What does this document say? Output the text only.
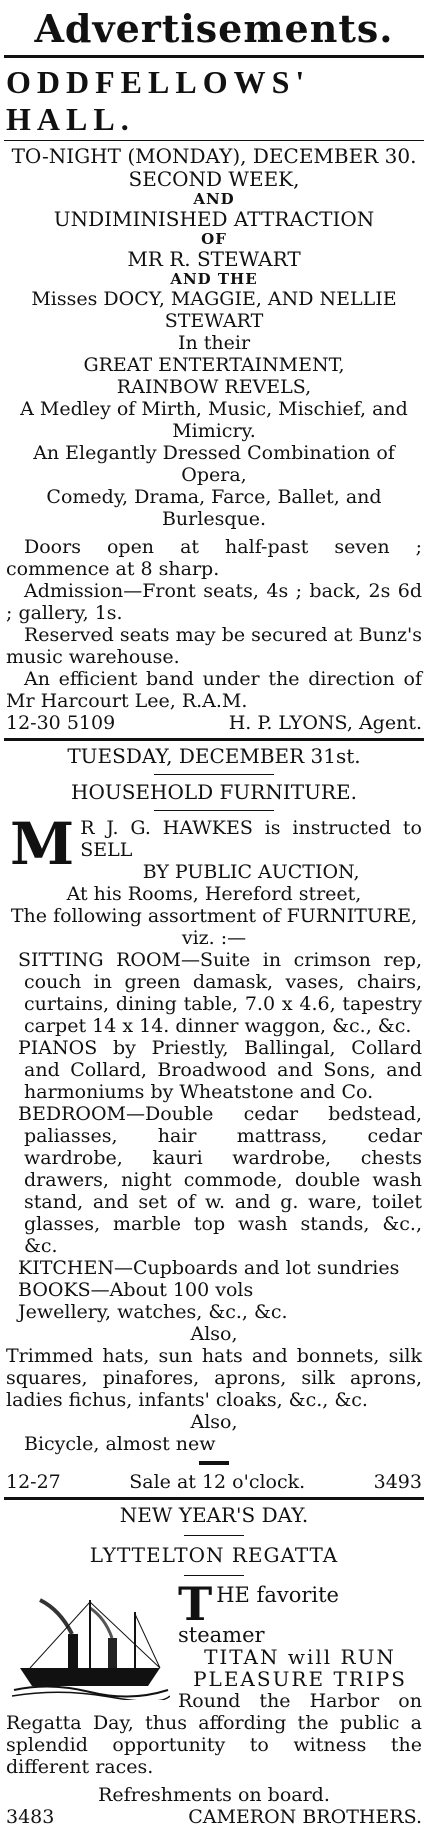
Advertisements.
ODDFELLOWS' HALL.

TO-NIGHT (MONDAY), DECEMBER 30.

SECOND WEEK,

AND

UNDIMINISHED ATTRACTION

OF

MR R. STEWART

AND THE

Misses DOCY, MAGGIE, AND NELLIE

STEWART

In their

GREAT ENTERTAINMENT,

RAINBOW REVELS,

A Medley of Mirth, Music, Mischief, and

Mimicry.

An Elegantly Dressed Combination of Opera,

Comedy, Drama, Farce, Ballet, and

Burlesque.

Doors open at half-past seven ; commence at 8 sharp.

Admission—Front seats, 4s ; back, 2s 6d ; gallery, 1s.

Reserved seats may be secured at Bunz's music warehouse.

An efficient band under the direction of Mr Harcourt Lee, R.A.M.

12-30 5109	H. P. LYONS, Agent.

TUESDAY, DECEMBER 31st.

HOUSEHOLD FURNITURE.

M R J. G. HAWKES is instructed to SELL

BY PUBLIC AUCTION,

At his Rooms, Hereford street,

The following assortment of FURNITURE,

viz. :—

SITTING ROOM—Suite in crimson rep, couch in green damask, vases, chairs, curtains, dining table, 7.0 x 4.6, tapestry carpet 14 x 14. dinner waggon, &c., &c.

PIANOS by Priestly, Ballingal, Collard and Collard, Broadwood and Sons, and harmoniums by Wheatstone and Co.

BEDROOM—Double cedar bedstead, paliasses, hair mattrass, cedar wardrobe, kauri wardrobe, chests drawers, night commode, double wash stand, and set of w. and g. ware, toilet glasses, marble top wash stands, &c., &c.

KITCHEN—Cupboards and lot sundries

BOOKS—About 100 vols

Jewellery, watches, &c., &c.

Also,

Trimmed hats, sun hats and bonnets, silk squares, pinafores, aprons, silk aprons, ladies fichus, infants' cloaks, &c., &c.

Also,

Bicycle, almost new

12-27	Sale at 12 o'clock.	3493

NEW YEAR'S DAY.

LYTTELTON REGATTA

THE favorite steamer

TITAN will RUN

PLEASURE TRIPS

Round the Harbor on Regatta Day, thus affording the public a splendid opportunity to witness the different races.

Refreshments on board.

3483	CAMERON BROTHERS.
